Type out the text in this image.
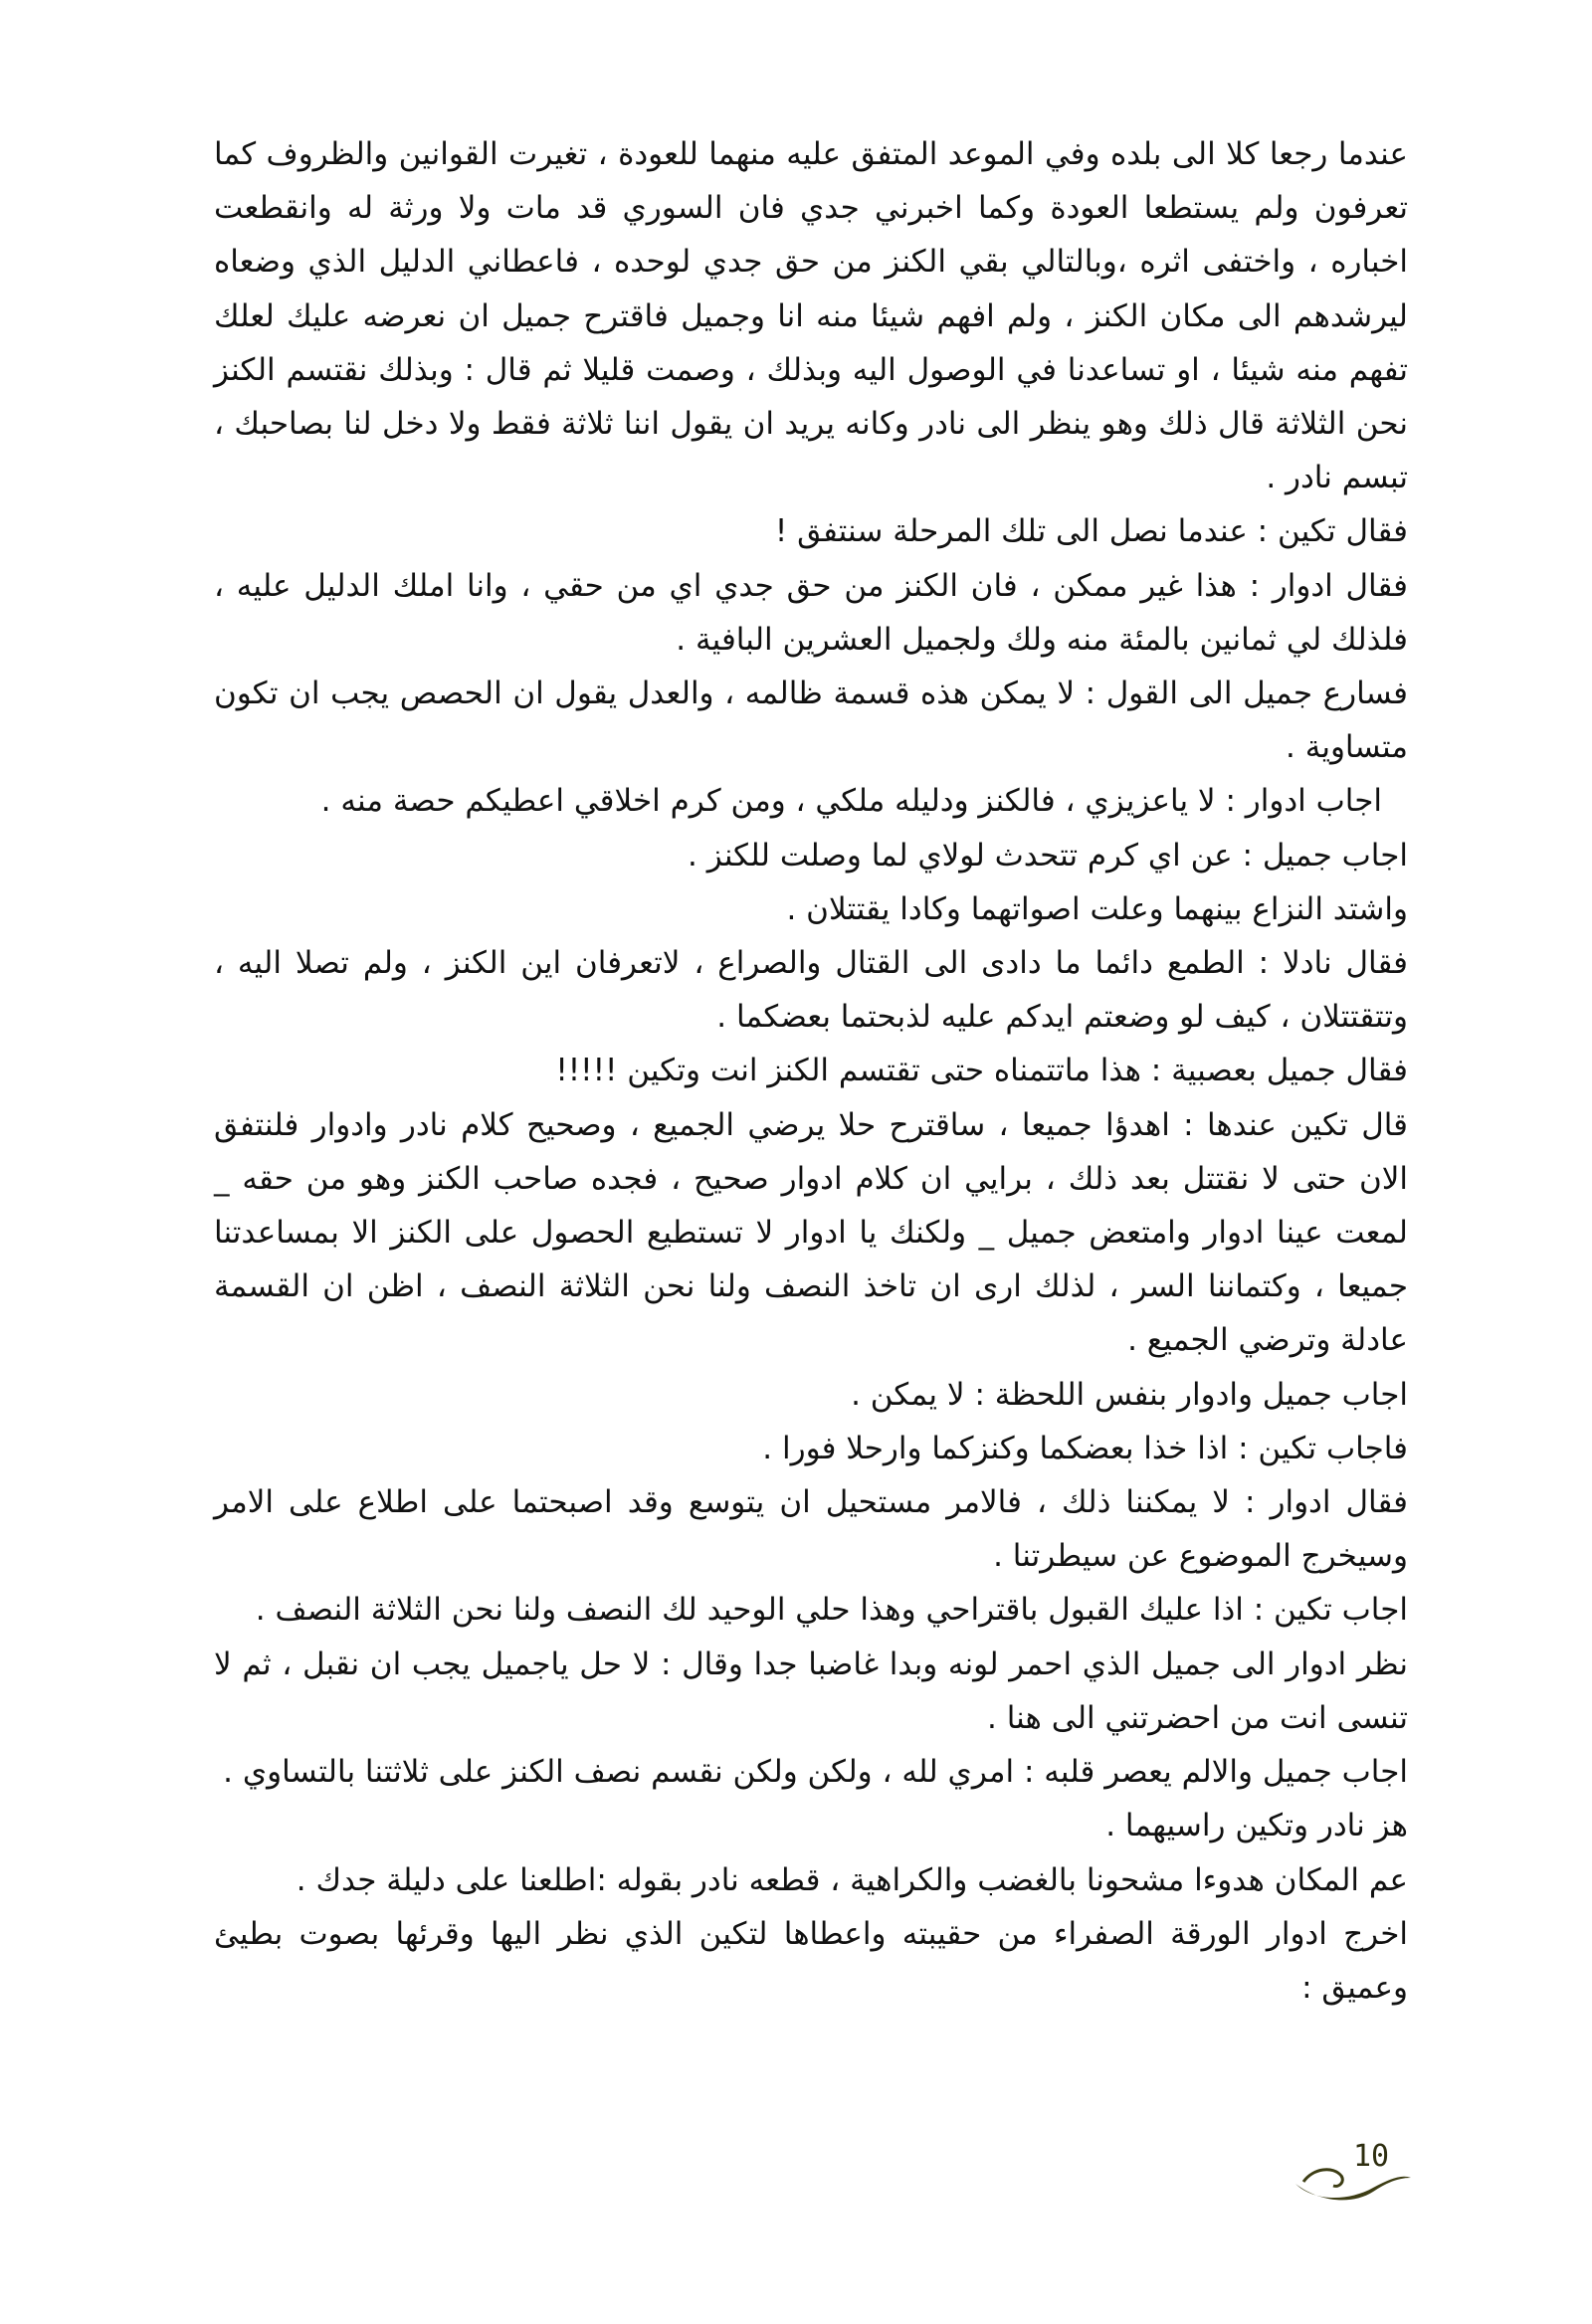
عندما رجعا كلا الى بلده وفي الموعد المتفق عليه منهما للعودة ، تغيرت القوانين والظروف كما تعرفون ولم يستطعا العودة وكما اخبرني جدي فان السوري قد مات ولا ورثة له وانقطعت اخباره ، واختفى اثره ،وبالتالي بقي الكنز من حق جدي لوحده ، فاعطاني الدليل الذي وضعاه ليرشدهم الى مكان الكنز ، ولم افهم شيئا منه انا وجميل فاقترح جميل ان نعرضه عليك لعلك تفهم منه شيئا ، او تساعدنا في الوصول اليه وبذلك ، وصمت قليلا ثم قال : وبذلك نقتسم الكنز نحن الثلاثة قال ذلك وهو ينظر الى نادر وكانه يريد ان يقول اننا ثلاثة فقط ولا دخل لنا بصاحبك ، تبسم نادر .

فقال تكين : عندما نصل الى تلك المرحلة سنتفق !

فقال ادوار : هذا غير ممكن ، فان الكنز من حق جدي اي من حقي ، وانا املك الدليل عليه ، فلذلك لي ثمانين بالمئة منه ولك ولجميل العشرين البافية .

فسارع جميل الى القول : لا يمكن هذه قسمة ظالمه ، والعدل يقول ان الحصص يجب ان تكون متساوية .

اجاب ادوار : لا ياعزيزي ، فالكنز ودليله ملكي ، ومن كرم اخلاقي اعطيكم حصة منه .

اجاب جميل : عن اي كرم تتحدث لولاي لما وصلت للكنز .

واشتد النزاع بينهما وعلت اصواتهما وكادا يقتتلان .

فقال نادلا : الطمع دائما ما دادى الى القتال والصراع ، لاتعرفان اين الكنز ، ولم تصلا اليه ، وتتقتتلان ، كيف لو وضعتم ايدكم عليه لذبحتما بعضكما .

فقال جميل بعصبية : هذا ماتتمناه حتى تقتسم الكنز انت وتكين !!!!!

قال تكين عندها : اهدؤا جميعا ، ساقترح حلا يرضي الجميع ، وصحيح كلام نادر وادوار فلنتفق الان حتى لا نقتتل بعد ذلك ، برايي ان كلام ادوار صحيح ، فجده صاحب الكنز وهو من حقه _ لمعت عينا ادوار وامتعض جميل _ ولكنك يا ادوار لا تستطيع الحصول على الكنز الا بمساعدتنا جميعا ، وكتماننا السر ، لذلك ارى ان تاخذ النصف ولنا نحن الثلاثة النصف ، اظن ان القسمة عادلة وترضي الجميع .

اجاب جميل وادوار بنفس اللحظة : لا يمكن .

فاجاب تكين : اذا خذا بعضكما وكنزكما وارحلا فورا .

فقال ادوار : لا يمكننا ذلك ، فالامر مستحيل ان يتوسع وقد اصبحتما على اطلاع على الامر وسيخرج الموضوع عن سيطرتنا .

اجاب تكين : اذا عليك القبول باقتراحي وهذا حلي الوحيد لك النصف ولنا نحن الثلاثة النصف .

نظر ادوار الى جميل الذي احمر لونه وبدا غاضبا جدا وقال : لا حل ياجميل يجب ان نقبل ، ثم لا تنسى انت من احضرتني الى هنا .

اجاب جميل والالم يعصر قلبه : امري لله ، ولكن ولكن نقسم نصف الكنز على ثلاثتنا بالتساوي .

هز نادر وتكين راسيهما .

عم المكان هدوءا مشحونا بالغضب والكراهية ، قطعه نادر بقوله :اطلعنا على دليلة جدك .

اخرج ادوار الورقة الصفراء من حقيبته واعطاها لتكين الذي نظر اليها وقرئها بصوت بطيئ وعميق :

10
